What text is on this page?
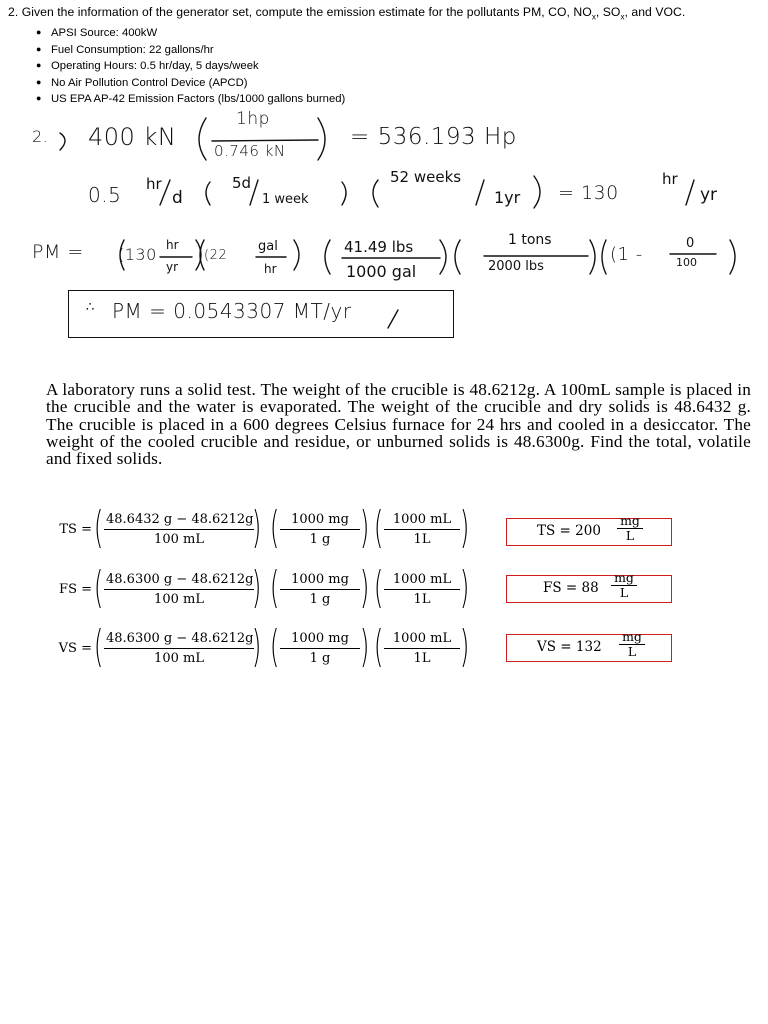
2. Given the information of the generator set, compute the emission estimate for the pollutants PM, CO, $NO_x$, $SO_x$, and VOC.
● APSI Source: 400kW
● Fuel Consumption: 22 gallons/hr
● Operating Hours: 0.5 hr/day, 5 days/week
● No Air Pollution Control Device (APCD)
● US EPA AP-42 Emission Factors (lbs/1000 gallons burned)
2. 400 kN
1hp
0.746 kN
= 536.193 Hp
0.5 hr
d
5d
1 week
52 weeks
1yr = 130
hr
yr
PM = (130 hr
yr
(22
gal
hr
41.49 lbs
1000 gal
1 tons
2000 lbs
(1 -
0
100
∴ PM = 0.0543307 MT/yr

A laboratory runs a solid test. The weight of the crucible is 48.6212g. A 100mL sample is placed in the crucible and the water is evaporated. The weight of the crucible and dry solids is 48.6432 g. The crucible is placed in a 600 degrees Celsius furnace for 24 hrs and cooled in a desiccator. The weight of the cooled crucible and residue, or unburned solids is 48.6300g. Find the total, volatile and fixed solids.

TS = ( 48.6432 g − 48.6212g
100 mL	) ( 1000 mg
1 g ) ( 1000 mL
1L )	TS = 200
mg
L
FS = ( 48.6300 g − 48.6212g
100 mL	) ( 1000 mg
1 g ) ( 1000 mL
1L )	FS = 88
mg
L
VS = ( 48.6300 g − 48.6212g
100 mL	) ( 1000 mg
1 g ) ( 1000 mL
1L )	VS = 132
mg
L
